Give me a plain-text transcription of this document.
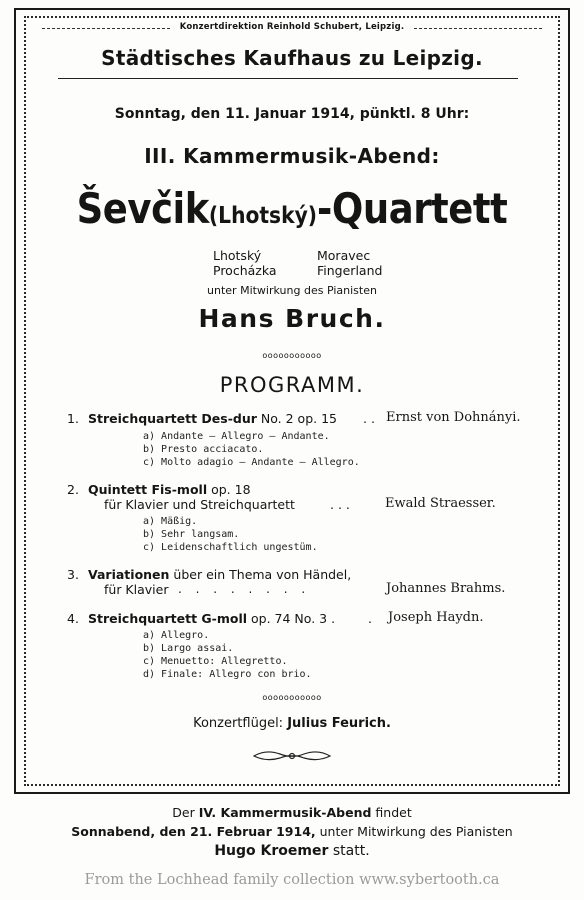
Konzertdirektion Reinhold Schubert, Leipzig.
Städtisches Kaufhaus zu Leipzig.
Sonntag, den 11. Januar 1914, pünktl. 8 Uhr:
III. Kammermusik-Abend:
Ševčik(Lhotský)-Quartett
Lhotský	Moravec
Procházka	Fingerland
unter Mitwirkung des Pianisten
Hans Bruch.
ooooooooooo
PROGRAMM.
1. Streichquartett Des-dur No. 2 op. 15 . . Ernst von Dohnányi.
a) Andante — Allegro — Andante.
b) Presto acciacato.
c) Molto adagio — Andante — Allegro.
2. Quintett Fis-moll op. 18
für Klavier und Streichquartett	. . .	Ewald Straesser.
a) Mäßig.
b) Sehr langsam.
c) Leidenschaftlich ungestüm.
3. Variationen über ein Thema von Händel,
für Klavier . . . . . . . .	Johannes Brahms.
4. Streichquartett G-moll op. 74 No. 3 .	. Joseph Haydn.
a) Allegro.
b) Largo assai.
c) Menuetto: Allegretto.
d) Finale: Allegro con brio.
ooooooooooo
Konzertflügel: Julius Feurich.
Der IV. Kammermusik-Abend findet
Sonnabend, den 21. Februar 1914, unter Mitwirkung des Pianisten
Hugo Kroemer statt.
From the Lochhead family collection www.sybertooth.ca
